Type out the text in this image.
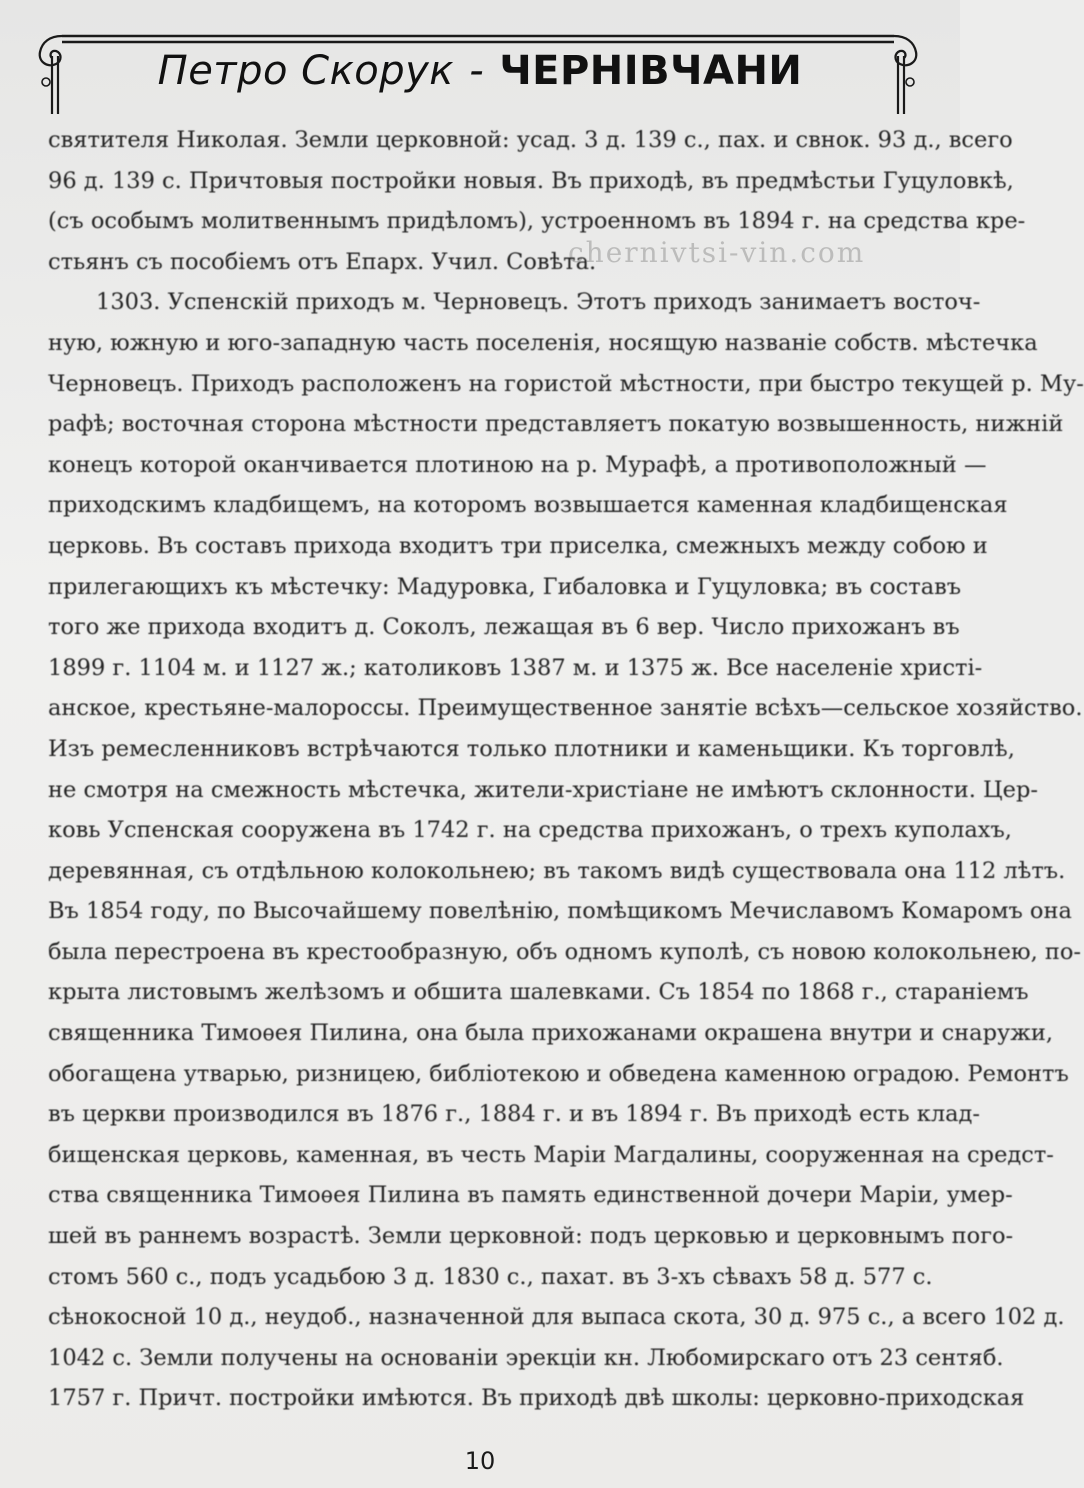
Петро Скорук - ЧЕРНІВЧАНИ
chernivtsi-vin.com
святителя Николая. Земли церковной: усад. 3 д. 139 с., пах. и свнок. 93 д., всего
96 д. 139 с. Причтовыя постройки новыя. Въ приходѣ, въ предмѣстьи Гуцуловкѣ,
(съ особымъ молитвеннымъ придѣломъ), устроенномъ въ 1894 г. на средства кре-
стьянъ съ пособіемъ отъ Епарх. Учил. Совѣта.
1303. Успенскій приходъ м. Черновецъ. Этотъ приходъ занимаетъ восточ-
ную, южную и юго-западную часть поселенія, носящую названіе собств. мѣстечка
Черновецъ. Приходъ расположенъ на гористой мѣстности, при быстро текущей р. Му-
рафѣ; восточная сторона мѣстности представляетъ покатую возвышенность, нижній
конецъ которой оканчивается плотиною на р. Мурафѣ, а противоположный —
приходскимъ кладбищемъ, на которомъ возвышается каменная кладбищенская
церковь. Въ составъ прихода входитъ три приселка, смежныхъ между собою и
прилегающихъ къ мѣстечку: Мадуровка, Гибаловка и Гуцуловка; въ составъ
того же прихода входитъ д. Соколъ, лежащая въ 6 вер. Число прихожанъ въ
1899 г. 1104 м. и 1127 ж.; католиковъ 1387 м. и 1375 ж. Все населеніе христі-
анское, крестьяне-малороссы. Преимущественное занятіе всѣхъ—сельское хозяйство.
Изъ ремесленниковъ встрѣчаются только плотники и каменьщики. Къ торговлѣ,
не смотря на смежность мѣстечка, жители-христіане не имѣютъ склонности. Цер-
ковь Успенская сооружена въ 1742 г. на средства прихожанъ, о трехъ куполахъ,
деревянная, съ отдѣльною колокольнею; въ такомъ видѣ существовала она 112 лѣтъ.
Въ 1854 году, по Высочайшему повелѣнію, помѣщикомъ Мечиславомъ Комаромъ она
была перестроена въ крестообразную, объ одномъ куполѣ, съ новою колокольнею, по-
крыта листовымъ желѣзомъ и обшита шалевками. Съ 1854 по 1868 г., стараніемъ
священника Тимоѳея Пилина, она была прихожанами окрашена внутри и снаружи,
обогащена утварью, ризницею, библіотекою и обведена каменною оградою. Ремонтъ
въ церкви производился въ 1876 г., 1884 г. и въ 1894 г. Въ приходѣ есть клад-
бищенская церковь, каменная, въ честь Маріи Магдалины, сооруженная на средст-
ства священника Тимоѳея Пилина въ память единственной дочери Маріи, умер-
шей въ раннемъ возрастѣ. Земли церковной: подъ церковью и церковнымъ пого-
стомъ 560 с., подъ усадьбою 3 д. 1830 с., пахат. въ 3-хъ сѣвахъ 58 д. 577 с.
сѣнокосной 10 д., неудоб., назначенной для выпаса скота, 30 д. 975 с., а всего 102 д.
1042 с. Земли получены на основаніи эрекціи кн. Любомирскаго отъ 23 сентяб.
1757 г. Причт. постройки имѣются. Въ приходѣ двѣ школы: церковно-приходская
10
